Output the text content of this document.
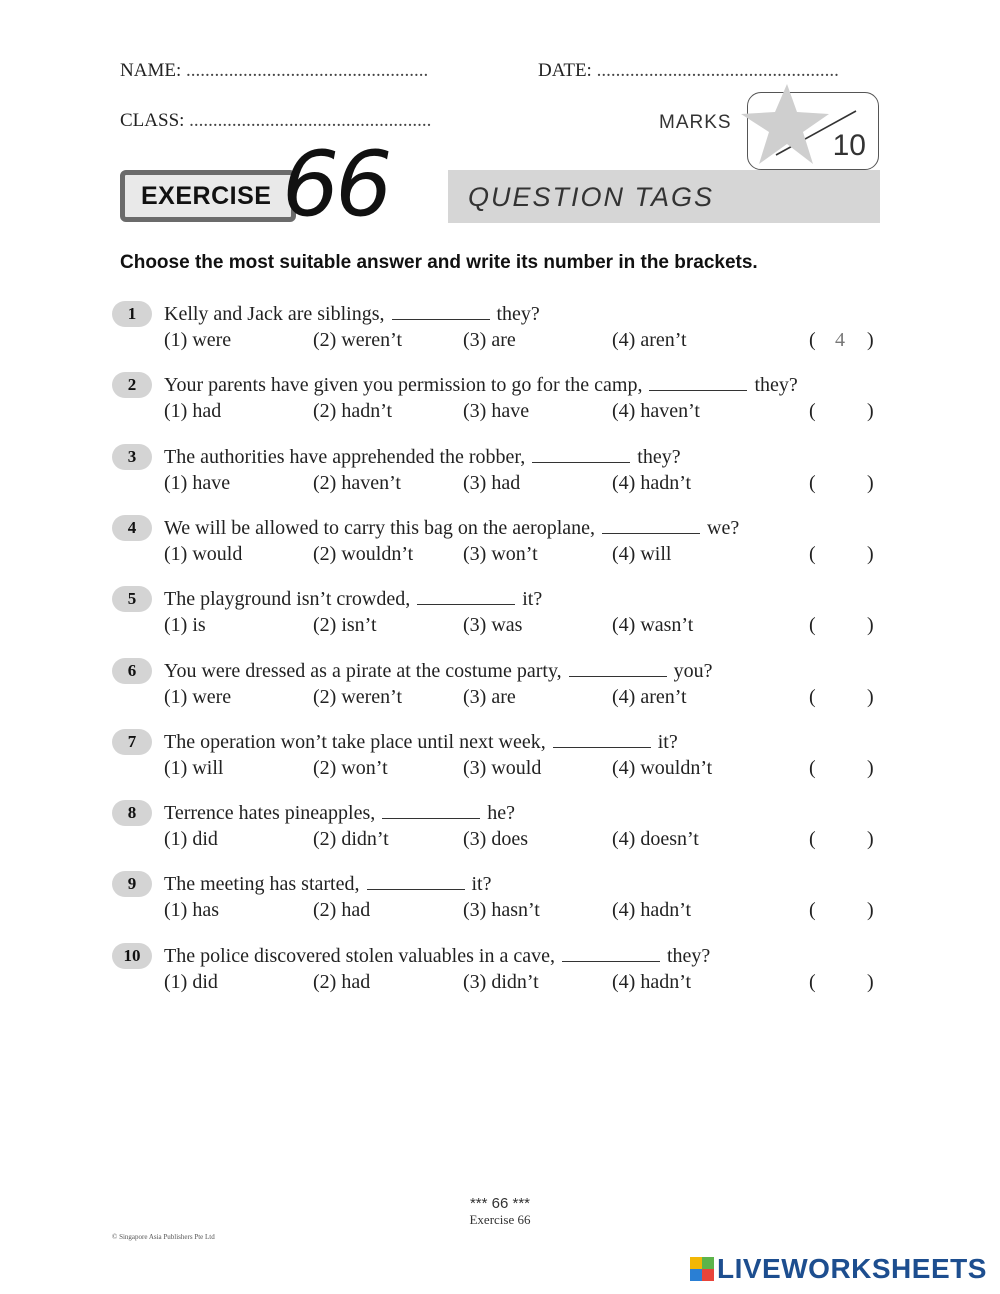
NAME: ...................................................	DATE: ...................................................
CLASS: ...................................................	MARKS
10
EXERCISE 66	QUESTION TAGS
Choose the most suitable answer and write its number in the brackets.
1	Kelly and Jack are siblings,	they?
(1) were	(2) weren’t	(3) are	(4) aren’t	( 4 )
2	Your parents have given you permission to go for the camp,	they?
(1) had	(2) hadn’t	(3) have	(4) haven’t	(	)
3	The authorities have apprehended the robber,	they?
(1) have	(2) haven’t	(3) had	(4) hadn’t	(	)
4	We will be allowed to carry this bag on the aeroplane,	we?
(1) would	(2) wouldn’t (3) won’t	(4) will	(	)
5	The playground isn’t crowded,	it?
(1) is	(2) isn’t	(3) was	(4) wasn’t	(	)
6	You were dressed as a pirate at the costume party,	you?
(1) were	(2) weren’t	(3) are	(4) aren’t	(	)
7	The operation won’t take place until next week,	it?
(1) will	(2) won’t	(3) would	(4) wouldn’t	(	)
8	Terrence hates pineapples,	he?
(1) did	(2) didn’t	(3) does	(4) doesn’t	(	)
9	The meeting has started,	it?
(1) has	(2) had	(3) hasn’t	(4) hadn’t	(	)
10	The police discovered stolen valuables in a cave,	they?
(1) did	(2) had	(3) didn’t	(4) hadn’t	(	)
*** 66 ***
Exercise 66
© Singapore Asia Publishers Pte Ltd
LIVEWORKSHEETS
